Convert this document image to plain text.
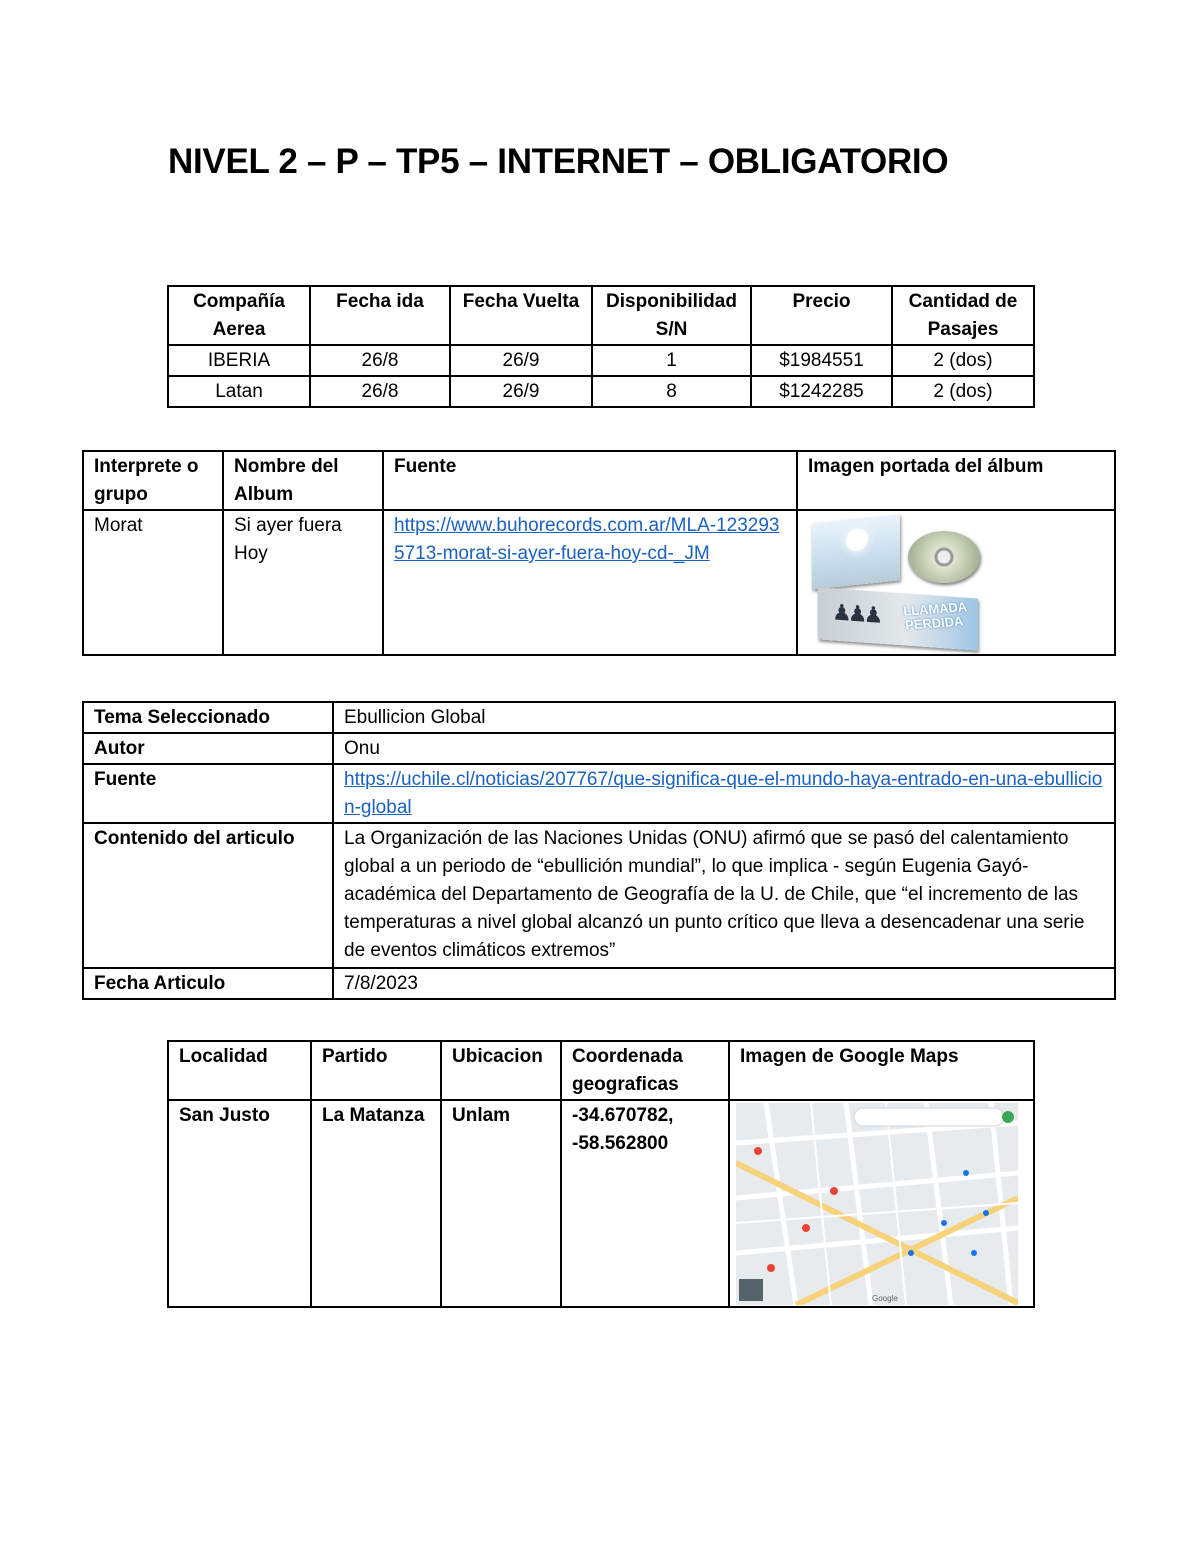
NIVEL 2 – P – TP5 – INTERNET – OBLIGATORIO
Compañía Aerea	Fecha ida	Fecha Vuelta	Disponibilidad S/N	Precio	Cantidad de Pasajes
IBERIA	26/8	26/9	1	$1984551	2 (dos)
Latan	26/8	26/9	8	$1242285	2 (dos)
Interprete o grupo	Nombre del Album	Fuente	Imagen portada del álbum
Morat	Si ayer fuera Hoy	https://www.buhorecords.com.ar/MLA-1232935713-morat-si-ayer-fuera-hoy-cd-_JM	♟♟♟ LLAMADA PERDIDA
Tema Seleccionado	Ebullicion Global
Autor	Onu
Fuente	https://uchile.cl/noticias/207767/que-significa-que-el-mundo-haya-entrado-en-una-ebullicion-global
Contenido del articulo	La Organización de las Naciones Unidas (ONU) afirmó que se pasó del calentamiento global a un periodo de “ebullición mundial”, lo que implica - según Eugenia Gayó- académica del Departamento de Geografía de la U. de Chile, que “el incremento de las temperaturas a nivel global alcanzó un punto crítico que lleva a desencadenar una serie de eventos climáticos extremos”
Fecha Articulo	7/8/2023
Localidad	Partido	Ubicacion	Coordenada geograficas	Imagen de Google Maps
San Justo	La Matanza	Unlam	-34.670782, -58.562800	Google
